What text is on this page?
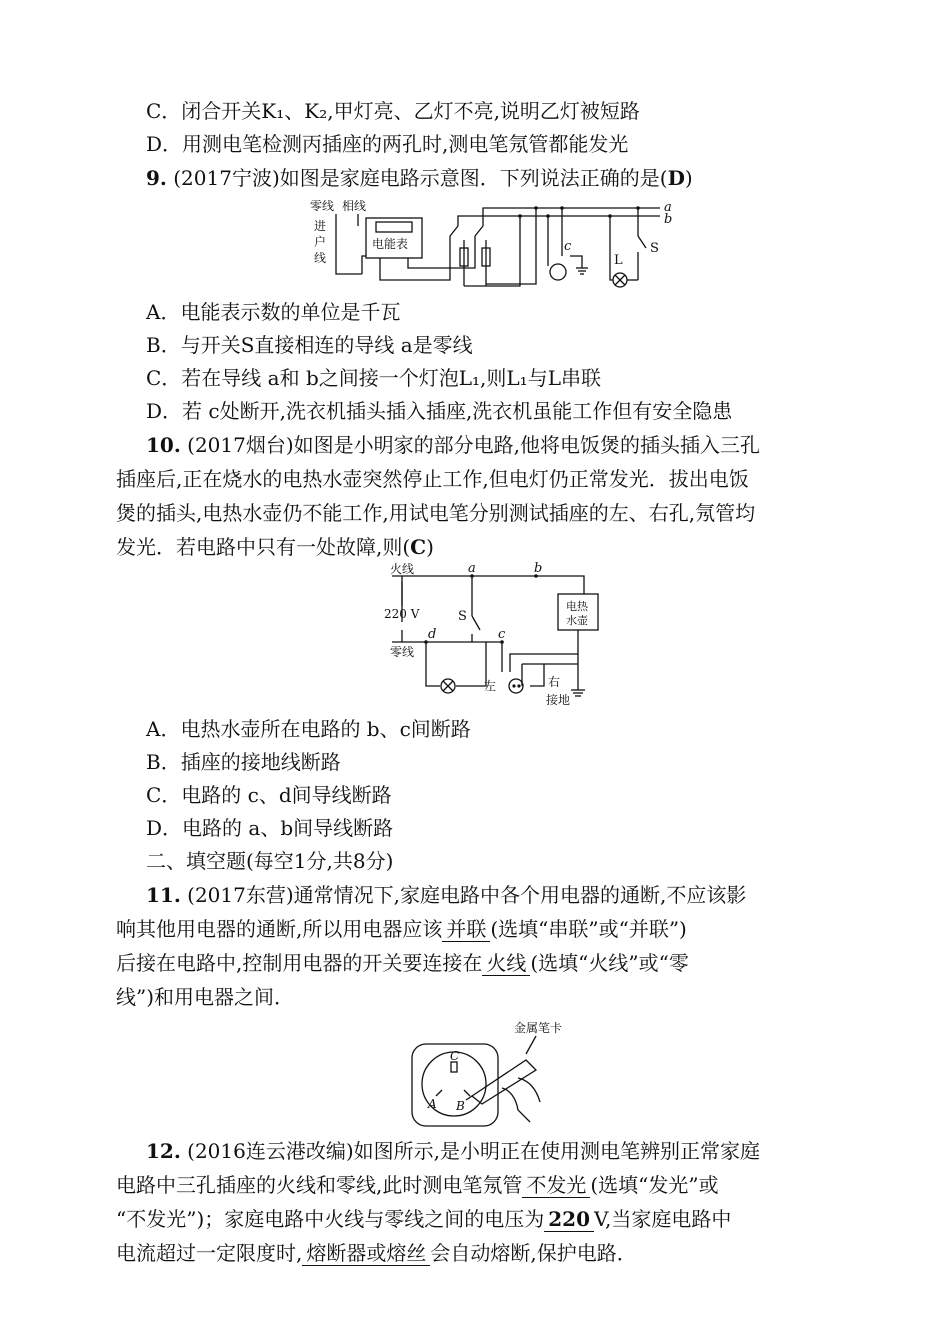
C．闭合开关K₁、K₂,甲灯亮、乙灯不亮,说明乙灯被短路
D．用测电笔检测丙插座的两孔时,测电笔氖管都能发光
9. (2017宁波)如图是家庭电路示意图．下列说法正确的是(D)
零线 相线
进
户
线
电能表
a
b
c
L
S
A．电能表示数的单位是千瓦
B．与开关S直接相连的导线 a是零线
C．若在导线 a和 b之间接一个灯泡L₁,则L₁与L串联
D．若 c处断开,洗衣机插头插入插座,洗衣机虽能工作但有安全隐患
10. (2017烟台)如图是小明家的部分电路,他将电饭煲的插头插入三孔
插座后,正在烧水的电热水壶突然停止工作,但电灯仍正常发光．拔出电饭
煲的插头,电热水壶仍不能工作,用试电笔分别测试插座的左、右孔,氖管均
发光．若电路中只有一处故障,则(C)
火线
220 V
零线
S
a	b
c
d
电热
水壶
左	右
接地
A．电热水壶所在电路的 b、c间断路
B．插座的接地线断路
C．电路的 c、d间导线断路
D．电路的 a、b间导线断路
二、填空题(每空1分,共8分)
11. (2017东营)通常情况下,家庭电路中各个用电器的通断,不应该影
响其他用电器的通断,所以用电器应该 并联 (选填“串联”或“并联”)
后接在电路中,控制用电器的开关要连接在 火线 (选填“火线”或“零
线”)和用电器之间．
金属笔卡
C
A B
12. (2016连云港改编)如图所示,是小明正在使用测电笔辨别正常家庭
电路中三孔插座的火线和零线,此时测电笔氖管 不发光 (选填“发光”或
“不发光”)；家庭电路中火线与零线之间的电压为 220 V,当家庭电路中
电流超过一定限度时, 熔断器或熔丝 会自动熔断,保护电路．
